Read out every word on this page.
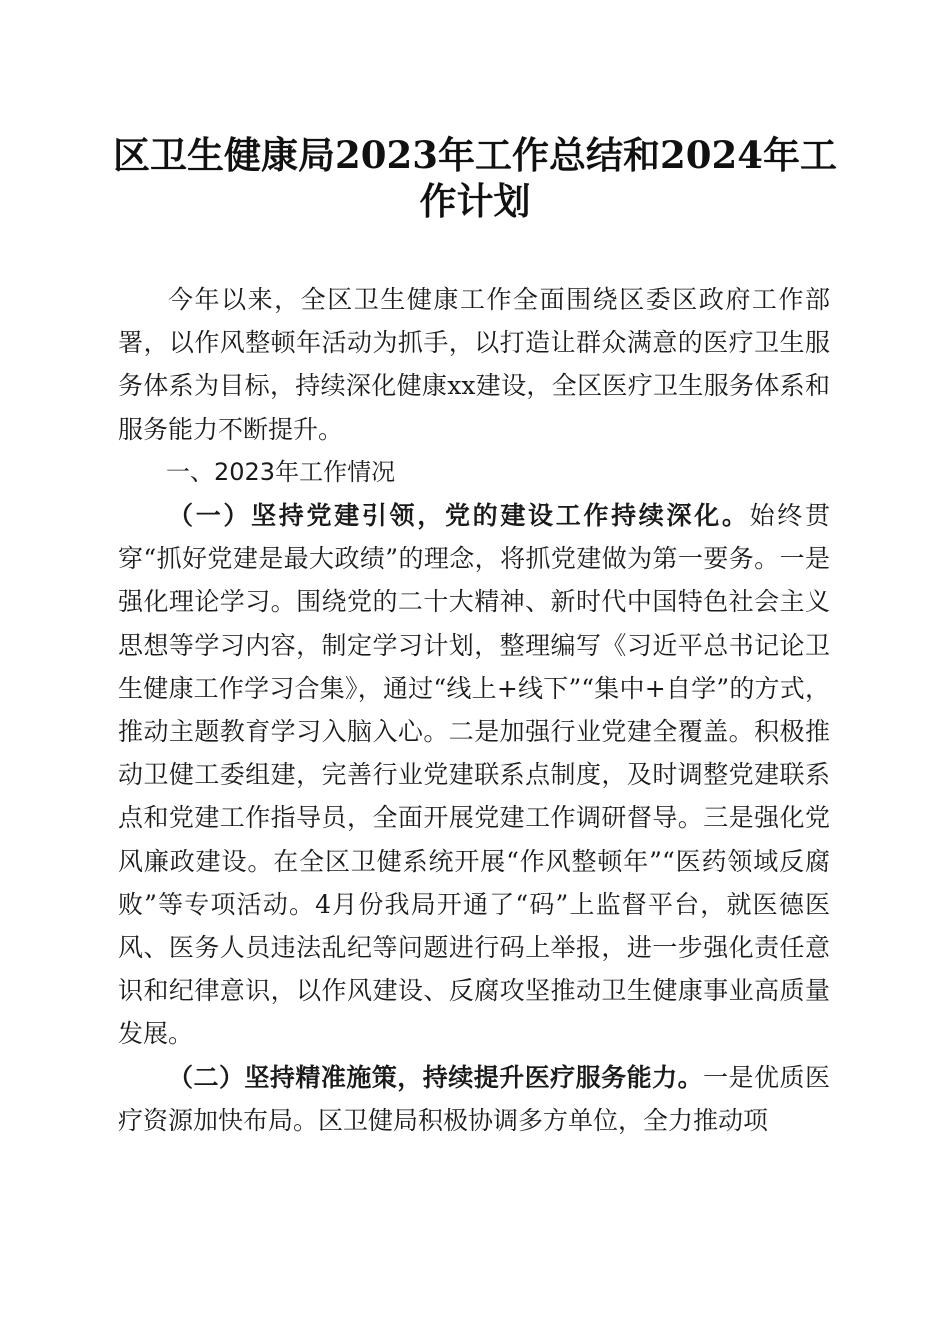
区卫生健康局2023年工作总结和2024年工作计划

今年以来，全区卫生健康工作全面围绕区委区政府工作部署，以作风整顿年活动为抓手，以打造让群众满意的医疗卫生服务体系为目标，持续深化健康xx建设，全区医疗卫生服务体系和服务能力不断提升。

一、2023年工作情况

（一）坚持党建引领，党的建设工作持续深化。始终贯穿“抓好党建是最大政绩”的理念，将抓党建做为第一要务。一是强化理论学习。围绕党的二十大精神、新时代中国特色社会主义思想等学习内容，制定学习计划，整理编写《习近平总书记论卫生健康工作学习合集》，通过“线上+线下”“集中+自学”的方式，推动主题教育学习入脑入心。二是加强行业党建全覆盖。积极推动卫健工委组建，完善行业党建联系点制度，及时调整党建联系点和党建工作指导员，全面开展党建工作调研督导。三是强化党风廉政建设。在全区卫健系统开展“作风整顿年”“医药领域反腐败”等专项活动。4月份我局开通了“码”上监督平台，就医德医风、医务人员违法乱纪等问题进行码上举报，进一步强化责任意识和纪律意识，以作风建设、反腐攻坚推动卫生健康事业高质量发展。

（二）坚持精准施策，持续提升医疗服务能力。一是优质医疗资源加快布局。区卫健局积极协调多方单位，全力推动项
